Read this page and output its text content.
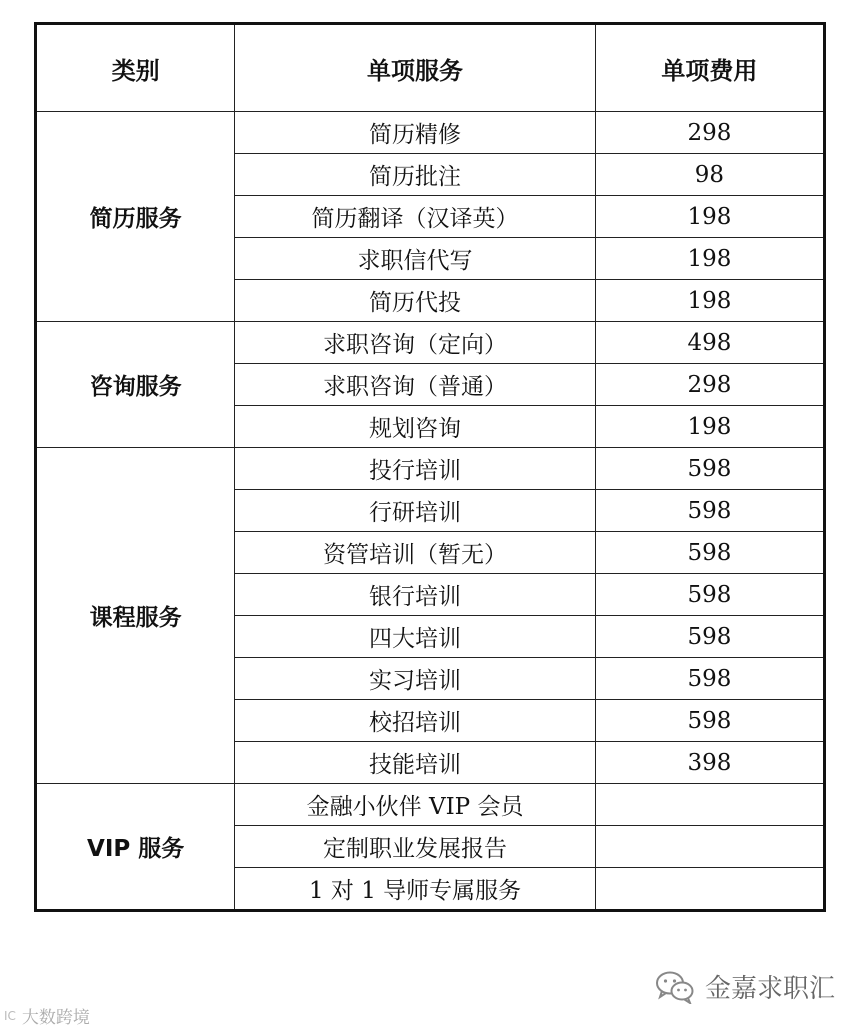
类别	单项服务	单项费用
简历服务	简历精修	298
	简历批注	98
	简历翻译（汉译英）	198
	求职信代写	198
	简历代投	198
咨询服务	求职咨询（定向）	498
	求职咨询（普通）	298
	规划咨询	198
课程服务	投行培训	598
	行研培训	598
	资管培训（暂无）	598
	银行培训	598
	四大培训	598
	实习培训	598
	校招培训	598
	技能培训	398
VIP 服务	金融小伙伴 VIP 会员	
	定制职业发展报告	
	1 对 1 导师专属服务	
金嘉求职汇
IC 大数跨境
